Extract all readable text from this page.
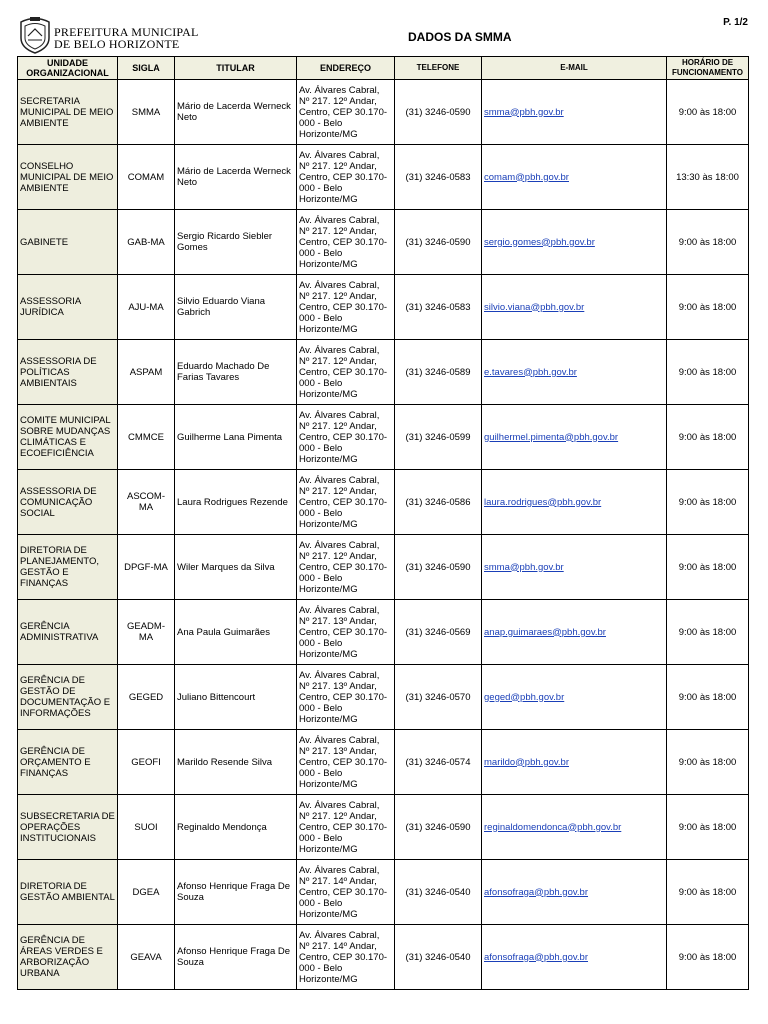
PREFEITURA MUNICIPAL
DE BELO HORIZONTE
P. 1/2
DADOS DA SMMA
UNIDADE ORGANIZACIONAL	SIGLA	TITULAR	ENDEREÇO	TELEFONE	E-MAIL	HORÁRIO DE FUNCIONAMENTO
SECRETARIA MUNICIPAL DE MEIO AMBIENTE	SMMA	Mário de Lacerda Werneck Neto	Av. Álvares Cabral, Nº 217. 12º Andar, Centro, CEP 30.170-000 - Belo Horizonte/MG	(31) 3246-0590	smma@pbh.gov.br	9:00 às 18:00
CONSELHO MUNICIPAL DE MEIO AMBIENTE	COMAM	Mário de Lacerda Werneck Neto	Av. Álvares Cabral, Nº 217. 12º Andar, Centro, CEP 30.170-000 - Belo Horizonte/MG	(31) 3246-0583	comam@pbh.gov.br	13:30 às 18:00
GABINETE	GAB-MA	Sergio Ricardo Siebler Gomes	Av. Álvares Cabral, Nº 217. 12º Andar, Centro, CEP 30.170-000 - Belo Horizonte/MG	(31) 3246-0590	sergio.gomes@pbh.gov.br	9:00 às 18:00
ASSESSORIA JURÍDICA	AJU-MA	Silvio Eduardo Viana Gabrich	Av. Álvares Cabral, Nº 217. 12º Andar, Centro, CEP 30.170-000 - Belo Horizonte/MG	(31) 3246-0583	silvio.viana@pbh.gov.br	9:00 às 18:00
ASSESSORIA DE POLÍTICAS AMBIENTAIS	ASPAM	Eduardo Machado De Farias Tavares	Av. Álvares Cabral, Nº 217. 12º Andar, Centro, CEP 30.170-000 - Belo Horizonte/MG	(31) 3246-0589	e.tavares@pbh.gov.br	9:00 às 18:00
COMITE MUNICIPAL SOBRE MUDANÇAS CLIMÁTICAS E ECOEFICIÊNCIA	CMMCE	Guilherme Lana Pimenta	Av. Álvares Cabral, Nº 217. 12º Andar, Centro, CEP 30.170-000 - Belo Horizonte/MG	(31) 3246-0599	guilhermel.pimenta@pbh.gov.br	9:00 às 18:00
ASSESSORIA DE COMUNICAÇÃO SOCIAL	ASCOM-MA	Laura Rodrigues Rezende	Av. Álvares Cabral, Nº 217. 12º Andar, Centro, CEP 30.170-000 - Belo Horizonte/MG	(31) 3246-0586	laura.rodrigues@pbh.gov.br	9:00 às 18:00
DIRETORIA DE PLANEJAMENTO, GESTÃO E FINANÇAS	DPGF-MA	Wiler Marques da Silva	Av. Álvares Cabral, Nº 217. 12º Andar, Centro, CEP 30.170-000 - Belo Horizonte/MG	(31) 3246-0590	smma@pbh.gov.br	9:00 às 18:00
GERÊNCIA ADMINISTRATIVA	GEADM-MA	Ana Paula Guimarães	Av. Álvares Cabral, Nº 217. 13º Andar, Centro, CEP 30.170-000 - Belo Horizonte/MG	(31) 3246-0569	anap.guimaraes@pbh.gov.br	9:00 às 18:00
GERÊNCIA DE GESTÃO DE DOCUMENTAÇÃO E INFORMAÇÕES	GEGED	Juliano Bittencourt	Av. Álvares Cabral, Nº 217. 13º Andar, Centro, CEP 30.170-000 - Belo Horizonte/MG	(31) 3246-0570	geged@pbh.gov.br	9:00 às 18:00
GERÊNCIA DE ORÇAMENTO E FINANÇAS	GEOFI	Marildo Resende Silva	Av. Álvares Cabral, Nº 217. 13º Andar, Centro, CEP 30.170-000 - Belo Horizonte/MG	(31) 3246-0574	marildo@pbh.gov.br	9:00 às 18:00
SUBSECRETARIA DE OPERAÇÕES INSTITUCIONAIS	SUOI	Reginaldo Mendonça	Av. Álvares Cabral, Nº 217. 12º Andar, Centro, CEP 30.170-000 - Belo Horizonte/MG	(31) 3246-0590	reginaldomendonca@pbh.gov.br	9:00 às 18:00
DIRETORIA DE GESTÃO AMBIENTAL	DGEA	Afonso Henrique Fraga De Souza	Av. Álvares Cabral, Nº 217. 14º Andar, Centro, CEP 30.170-000 - Belo Horizonte/MG	(31) 3246-0540	afonsofraga@pbh.gov.br	9:00 às 18:00
GERÊNCIA DE ÁREAS VERDES E ARBORIZAÇÃO URBANA	GEAVA	Afonso Henrique Fraga De Souza	Av. Álvares Cabral, Nº 217. 14º Andar, Centro, CEP 30.170-000 - Belo Horizonte/MG	(31) 3246-0540	afonsofraga@pbh.gov.br	9:00 às 18:00
